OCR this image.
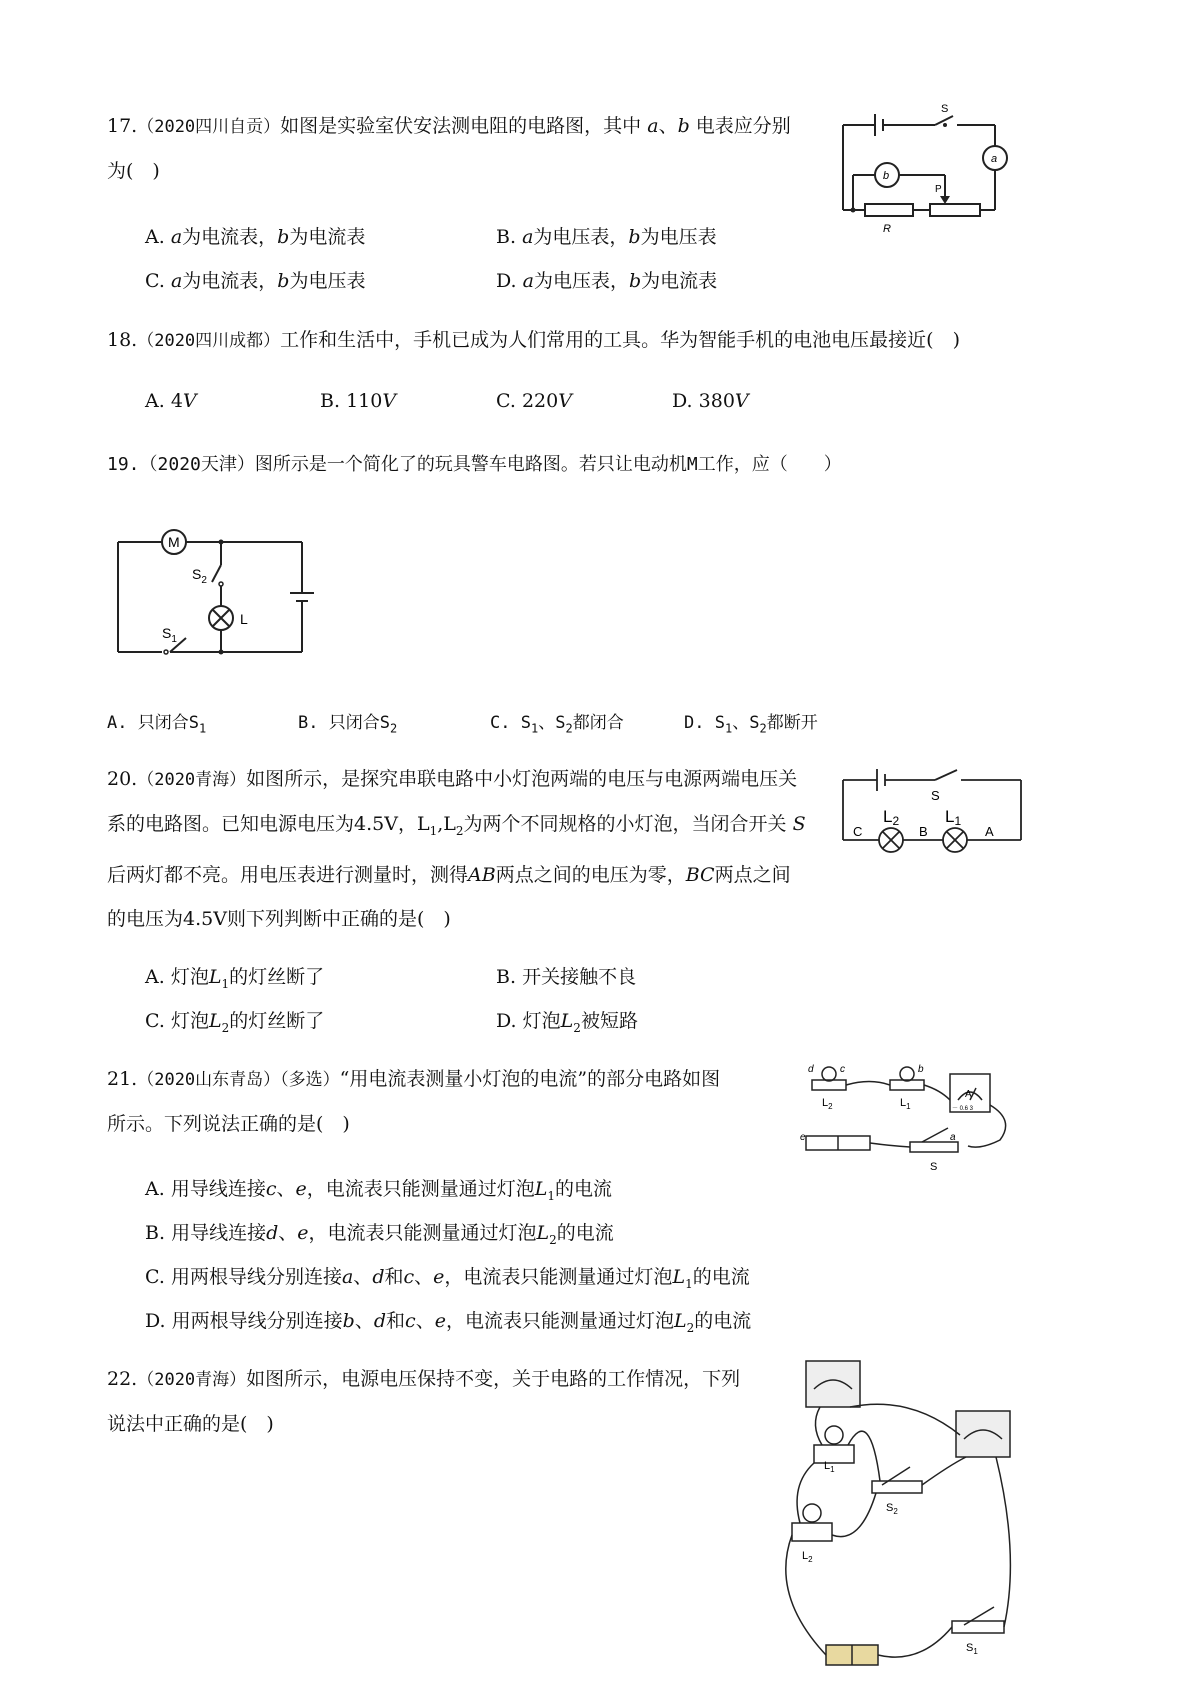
17.（2020四川自贡）如图是实验室伏安法测电阻的电路图，其中 a、b 电表应分别
为(　)
S
a
b
P
R
A. a为电流表，b为电流表	B. a为电压表，b为电压表
C. a为电流表，b为电压表	D. a为电压表，b为电流表
18.（2020四川成都）工作和生活中，手机已成为人们常用的工具。华为智能手机的电池电压最接近(　)
A. 4V	B. 110V	C. 220V	D. 380V
19.（2020天津）图所示是一个简化了的玩具警车电路图。若只让电动机M工作，应（　　）
M
$S_2$
L
$S_1$
A. 只闭合$S_1$	B. 只闭合$S_2$	C. $S_1$、$S_2$都闭合	D. $S_1$、$S_2$都断开
20.（2020青海）如图所示，是探究串联电路中小灯泡两端的电压与电源两端电压关
系的电路图。已知电源电压为4.5V，$L_1,L_2$为两个不同规格的小灯泡，当闭合开关 S
后两灯都不亮。用电压表进行测量时，测得AB两点之间的电压为零，BC两点之间
的电压为4.5V则下列判断中正确的是(　)
S
C	B	A
L2	L1
A. 灯泡$L_1$的灯丝断了	B. 开关接触不良
C. 灯泡$L_2$的灯丝断了	D. 灯泡$L_2$被短路
21.（2020山东青岛）（多选）“用电流表测量小灯泡的电流”的部分电路如图
所示。下列说法正确的是(　)
d	c	b
a
e
$L_2$	$L_1$
A
－ 0.6 3
S
A. 用导线连接c、e，电流表只能测量通过灯泡$L_1$的电流
B. 用导线连接d、e，电流表只能测量通过灯泡$L_2$的电流
C. 用两根导线分别连接a、d和c、e，电流表只能测量通过灯泡$L_1$的电流
D. 用两根导线分别连接b、d和c、e，电流表只能测量通过灯泡$L_2$的电流
22.（2020青海）如图所示，电源电压保持不变，关于电路的工作情况，下列
说法中正确的是(　)
$L_1$
$L_2$
$S_2$
$S_1$
